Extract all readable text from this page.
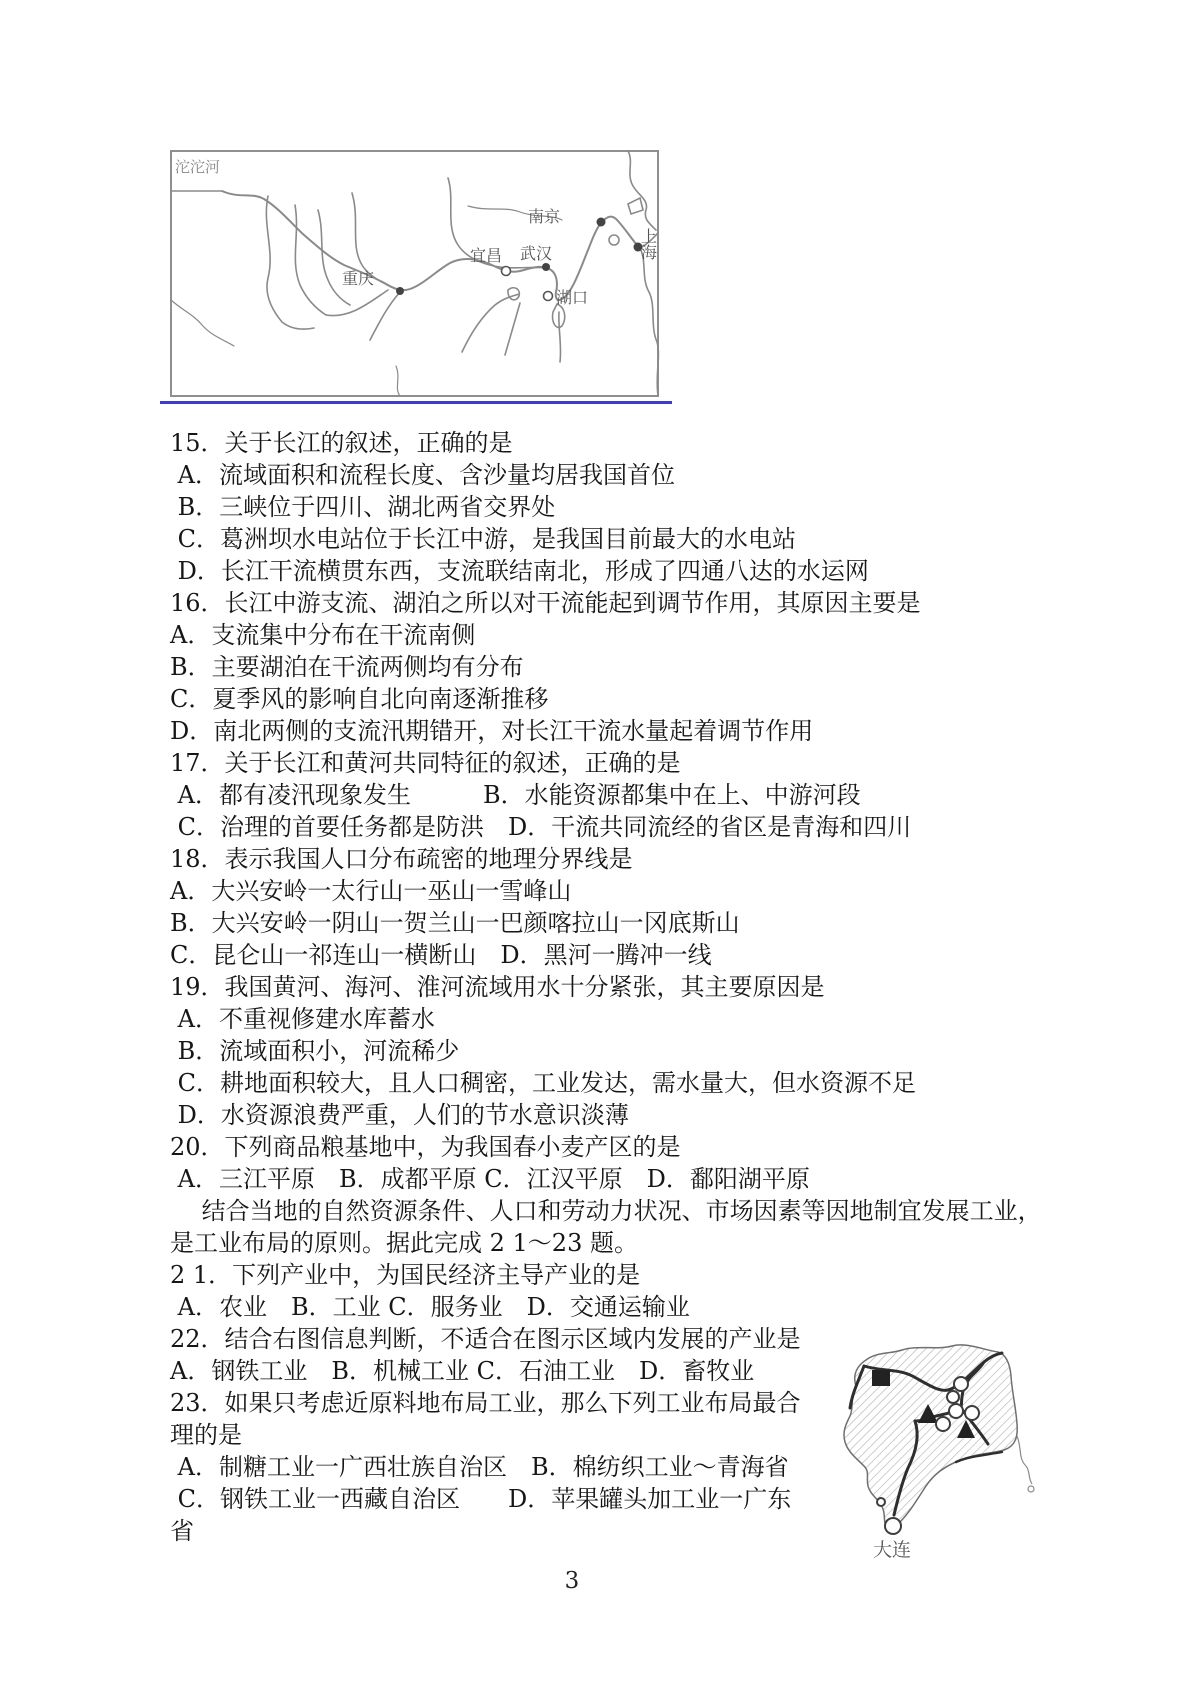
沱沱河
重庆
宜昌 武汉
南京
湖口
上海
15．关于长江的叙述，正确的是
A．流域面积和流程长度、含沙量均居我国首位
B．三峡位于四川、湖北两省交界处
C．葛洲坝水电站位于长江中游，是我国目前最大的水电站
D．长江干流横贯东西，支流联结南北，形成了四通八达的水运网
16．长江中游支流、湖泊之所以对干流能起到调节作用，其原因主要是
A．支流集中分布在干流南侧
B．主要湖泊在干流两侧均有分布
C．夏季风的影响自北向南逐渐推移
D．南北两侧的支流汛期错开，对长江干流水量起着调节作用
17．关于长江和黄河共同特征的叙述，正确的是
A．都有凌汛现象发生　　　B．水能资源都集中在上、中游河段
C．治理的首要任务都是防洪　D．干流共同流经的省区是青海和四川
18．表示我国人口分布疏密的地理分界线是
A．大兴安岭一太行山一巫山一雪峰山
B．大兴安岭一阴山一贺兰山一巴颜喀拉山一冈底斯山
C．昆仑山一祁连山一横断山　D．黑河一腾冲一线
19．我国黄河、海河、淮河流域用水十分紧张，其主要原因是
A．不重视修建水库蓄水
B．流域面积小，河流稀少
C．耕地面积较大，且人口稠密，工业发达，需水量大，但水资源不足
D．水资源浪费严重，人们的节水意识淡薄
20．下列商品粮基地中，为我国春小麦产区的是
A．三江平原　B．成都平原 C．江汉平原　D．鄱阳湖平原
　 结合当地的自然资源条件、人口和劳动力状况、市场因素等因地制宜发展工业，
是工业布局的原则。据此完成 2 1～23 题。
2 1．下列产业中，为国民经济主导产业的是
A．农业　B．工业 C．服务业　D．交通运输业
22．结合右图信息判断，不适合在图示区域内发展的产业是
A．钢铁工业　B．机械工业 C．石油工业　D．畜牧业
23．如果只考虑近原料地布局工业，那么下列工业布局最合
理的是
A．制糖工业一广西壮族自治区　B．棉纺织工业～青海省
C．钢铁工业一西藏自治区　　D．苹果罐头加工业一广东
省
大连
3
